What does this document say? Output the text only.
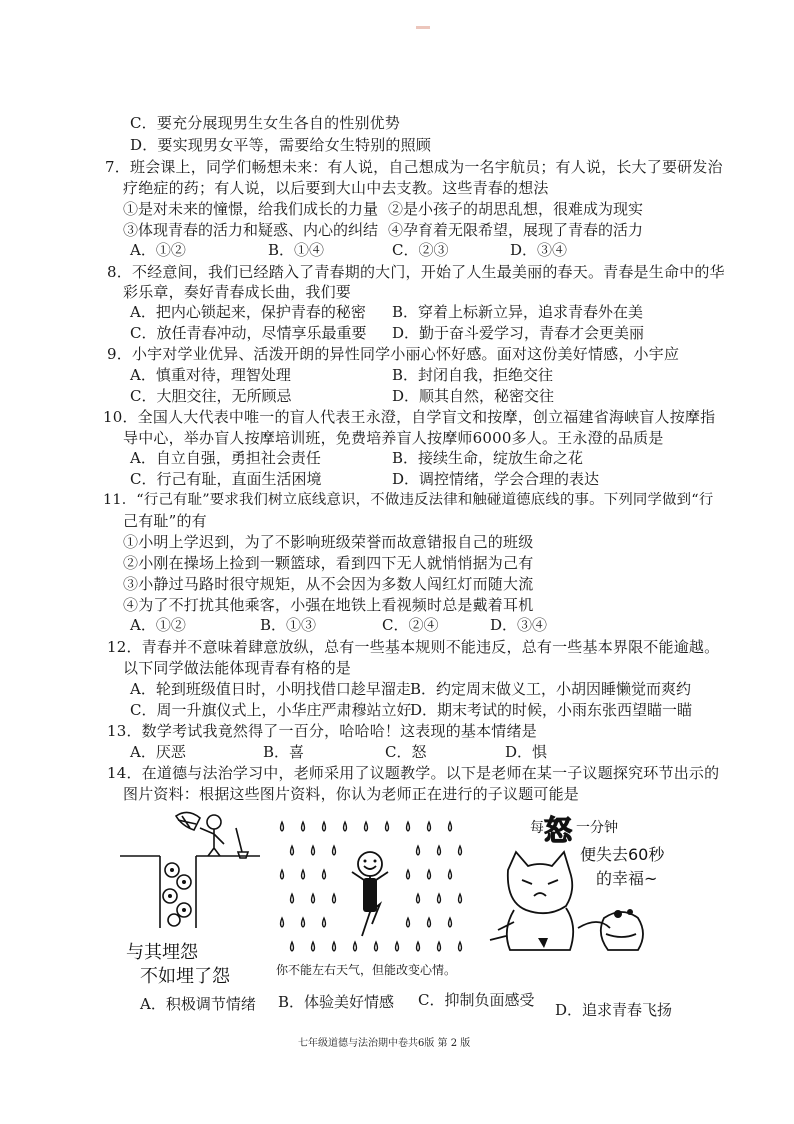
C．要充分展现男生女生各自的性别优势
D．要实现男女平等，需要给女生特别的照顾
7．班会课上，同学们畅想未来：有人说，自己想成为一名宇航员；有人说，长大了要研发治
疗绝症的药；有人说，以后要到大山中去支教。这些青春的想法
①是对未来的憧憬，给我们成长的力量 ②是小孩子的胡思乱想，很难成为现实
③体现青春的活力和疑惑、内心的纠结 ④孕育着无限希望，展现了青春的活力
A．①②	B．①④	C．②③	D．③④
8．不经意间，我们已经踏入了青春期的大门，开始了人生最美丽的春天。青春是生命中的华
彩乐章，奏好青春成长曲，我们要
A．把内心锁起来，保护青春的秘密 B．穿着上标新立异，追求青春外在美
C．放任青春冲动，尽情享乐最重要 D．勤于奋斗爱学习，青春才会更美丽
9．小宇对学业优异、活泼开朗的异性同学小丽心怀好感。面对这份美好情感，小宇应
A．慎重对待，理智处理	B．封闭自我，拒绝交往
C．大胆交往，无所顾忌	D．顺其自然，秘密交往
10．全国人大代表中唯一的盲人代表王永澄，自学盲文和按摩，创立福建省海峡盲人按摩指
导中心，举办盲人按摩培训班，免费培养盲人按摩师6000多人。王永澄的品质是
A．自立自强，勇担社会责任	B．接续生命，绽放生命之花
C．行己有耻，直面生活困境	D．调控情绪，学会合理的表达
11．“行己有耻”要求我们树立底线意识，不做违反法律和触碰道德底线的事。下列同学做到“行
己有耻”的有
①小明上学迟到，为了不影响班级荣誉而故意错报自己的班级
②小刚在操场上捡到一颗篮球，看到四下无人就悄悄据为己有
③小静过马路时很守规矩，从不会因为多数人闯红灯而随大流
④为了不打扰其他乘客，小强在地铁上看视频时总是戴着耳机
A．①②	B．①③	C．②④	D．③④
12．青春并不意味着肆意放纵，总有一些基本规则不能违反，总有一些基本界限不能逾越。
以下同学做法能体现青春有格的是
A．轮到班级值日时，小明找借口趁早溜走 B．约定周末做义工，小胡因睡懒觉而爽约
C．周一升旗仪式上，小华庄严肃穆站立好
D．期末考试的时候，小雨东张西望瞄一瞄
13．数学考试我竟然得了一百分，哈哈哈！这表现的基本情绪是
A．厌恶	B．喜	C．怒	D．惧
14．在道德与法治学习中，老师采用了议题教学。以下是老师在某一子议题探究环节出示的
图片资料：根据这些图片资料，你认为老师正在进行的子议题可能是
与其埋怨
不如埋了怨	你不能左右天气，但能改变心情。
每 怒 一分钟
便失去60秒
的幸福~
A．积极调节情绪 B．体验美好情感 C．抑制负面感受
D．追求青春飞扬
七年级道德与法治期中卷共6版 第 2 版
